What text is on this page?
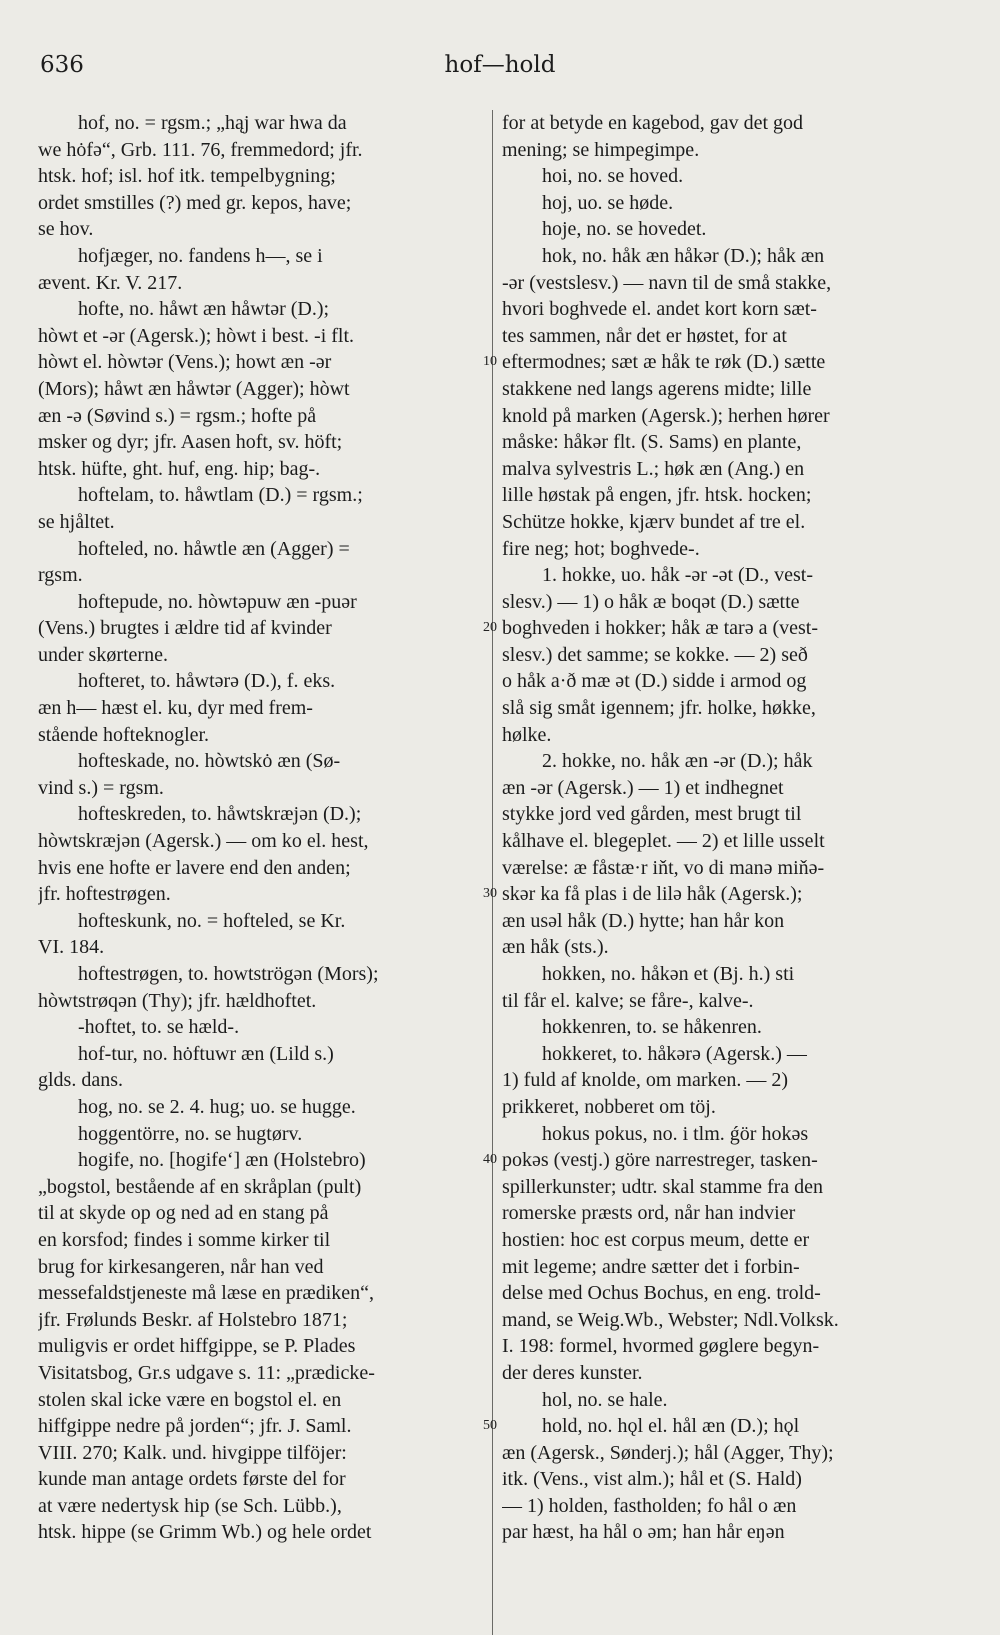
636	hof—hold
hof, no. = rgsm.; „hąj war hwa da
we hȯfə“, Grb. 111. 76, fremmedord; jfr.
htsk. hof; isl. hof itk. tempelbygning;
ordet smstilles (?) med gr. kepos, have;
se hov.
hofjæger, no. fandens h—, se i
ævent. Kr. V. 217.
hofte, no. håwt æn håwtər (D.);
hòwt et -ər (Agersk.); hòwt i best. -i flt.
hòwt el. hòwtər (Vens.); howt æn -ər
(Mors); håwt æn håwtər (Agger); hòwt
æn -ə (Søvind s.) = rgsm.; hofte på
msker og dyr; jfr. Aasen hoft, sv. höft;
htsk. hüfte, ght. huf, eng. hip; bag-.
hoftelam, to. håwtlam (D.) = rgsm.;
se hjåltet.
hofteled, no. håwtle æn (Agger) =
rgsm.
hoftepude, no. hòwtəpuw æn -puər
(Vens.) brugtes i ældre tid af kvinder
under skørterne.
hofteret, to. håwtərə (D.), f. eks.
æn h— hæst el. ku, dyr med frem-
stående hofteknogler.
hofteskade, no. hòwtskȯ æn (Sø-
vind s.) = rgsm.
hofteskreden, to. håwtskræjən (D.);
hòwtskræjən (Agersk.) — om ko el. hest,
hvis ene hofte er lavere end den anden;
jfr. hoftestrøgen.
hofteskunk, no. = hofteled, se Kr.
VI. 184.
hoftestrøgen, to. howtströgən (Mors);
hòwtstrøqən (Thy); jfr. hældhoftet.
-hoftet, to. se hæld-.
hof-tur, no. hȯftuwr æn (Lild s.)
glds. dans.
hog, no. se 2. 4. hug; uo. se hugge.
hoggentörre, no. se hugtørv.
hogife, no. [hogife‘] æn (Holstebro)
„bogstol, bestående af en skråplan (pult)
til at skyde op og ned ad en stang på
en korsfod; findes i somme kirker til
brug for kirkesangeren, når han ved
messefaldstjeneste må læse en prædiken“,
jfr. Frølunds Beskr. af Holstebro 1871;
muligvis er ordet hiffgippe, se P. Plades
Visitatsbog, Gr.s udgave s. 11: „prædicke-
stolen skal icke være en bogstol el. en
hiffgippe nedre på jorden“; jfr. J. Saml.
VIII. 270; Kalk. und. hivgippe tilföjer:
kunde man antage ordets første del for
at være nedertysk hip (se Sch. Lübb.),
htsk. hippe (se Grimm Wb.) og hele ordet
for at betyde en kagebod, gav det god
mening; se himpegimpe.
hoi, no. se hoved.
hoj, uo. se høde.
hoje, no. se hovedet.
hok, no. håk æn håkər (D.); håk æn
-ər (vestslesv.) — navn til de små stakke,
hvori boghvede el. andet kort korn sæt-
tes sammen, når det er høstet, for at
eftermodnes; sæt æ håk te røk (D.) sætte
stakkene ned langs agerens midte; lille
knold på marken (Agersk.); herhen hører
måske: håkər flt. (S. Sams) en plante,
malva sylvestris L.; høk æn (Ang.) en
lille høstak på engen, jfr. htsk. hocken;
Schütze hokke, kjærv bundet af tre el.
fire neg; hot; boghvede-.
1. hokke, uo. håk -ər -ət (D., vest-
slesv.) — 1) o håk æ boqət (D.) sætte
boghveden i hokker; håk æ tarə a (vest-
slesv.) det samme; se kokke. — 2) seð
o håk a·ð mæ ət (D.) sidde i armod og
slå sig småt igennem; jfr. holke, høkke,
hølke.
2. hokke, no. håk æn -ər (D.); håk
æn -ər (Agersk.) — 1) et indhegnet
stykke jord ved gården, mest brugt til
kålhave el. blegeplet. — 2) et lille usselt
værelse: æ fåstæ·r iňt, vo di manə miňə-
skər ka få plas i de lilə håk (Agersk.);
æn usəl håk (D.) hytte; han hår kon
æn håk (sts.).
hokken, no. håkən et (Bj. h.) sti
til får el. kalve; se fåre-, kalve-.
hokkenren, to. se håkenren.
hokkeret, to. håkərə (Agersk.) —
1) fuld af knolde, om marken. — 2)
prikkeret, nobberet om töj.
hokus pokus, no. i tlm. ǵör hokəs
pokəs (vestj.) göre narrestreger, tasken-
spillerkunster; udtr. skal stamme fra den
romerske præsts ord, når han indvier
hostien: hoc est corpus meum, dette er
mit legeme; andre sætter det i forbin-
delse med Ochus Bochus, en eng. trold-
mand, se Weig.Wb., Webster; Ndl.Volksk.
I. 198: formel, hvormed gøglere begyn-
der deres kunster.
hol, no. se hale.
hold, no. hǫl el. hål æn (D.); hǫl
æn (Agersk., Sønderj.); hål (Agger, Thy);
itk. (Vens., vist alm.); hål et (S. Hald)
— 1) holden, fastholden; fo hål o æn
par hæst, ha hål o əm; han hår eŋən
10
20
30
40
50
